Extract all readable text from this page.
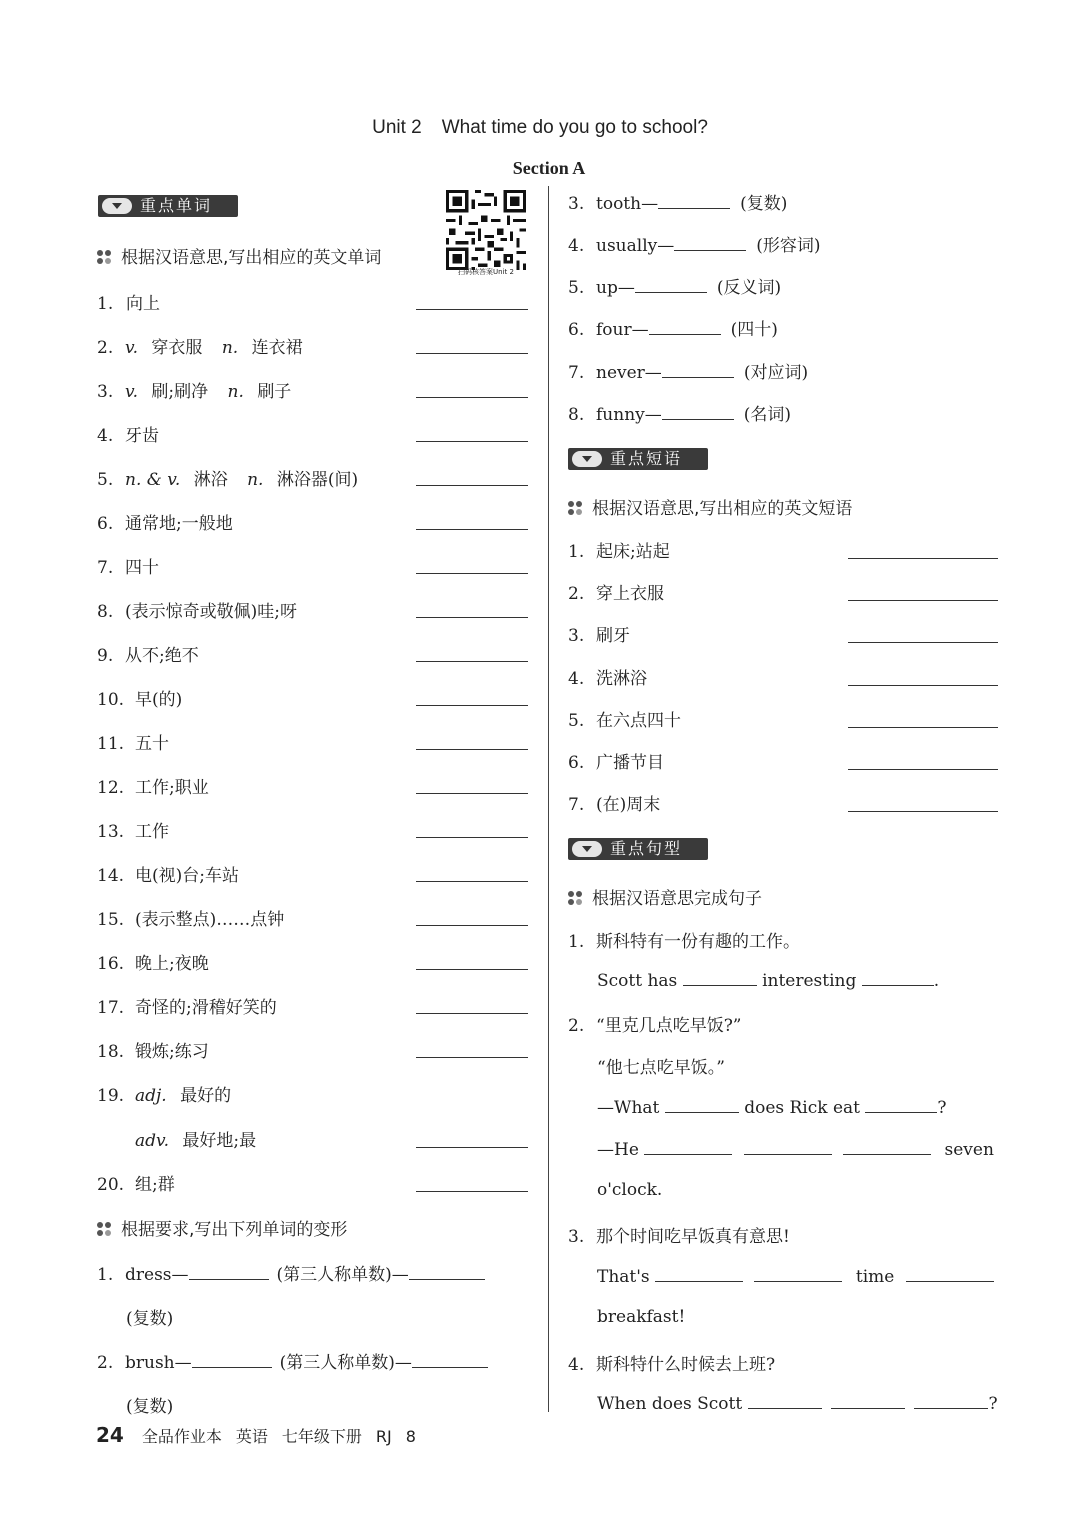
Unit 2 What time do you go to school?
Section A
扫码核答案Unit 2
重点单词
根据汉语意思,写出相应的英文单词
1. 向上
2. v. 穿衣服 n. 连衣裙
3. v. 刷;刷净 n. 刷子
4. 牙齿
5. n. & v. 淋浴 n. 淋浴器(间)
6. 通常地;一般地
7. 四十
8. (表示惊奇或敬佩)哇;呀
9. 从不;绝不
10. 早(的)
11. 五十
12. 工作;职业
13. 工作
14. 电(视)台;车站
15. (表示整点)……点钟
16. 晚上;夜晚
17. 奇怪的;滑稽好笑的
18. 锻炼;练习
19. adj. 最好的
adv. 最好地;最
20. 组;群
根据要求,写出下列单词的变形
1. dress—	(第三人称单数)—
(复数)
2. brush—	(第三人称单数)—
(复数)
3. tooth—	(复数)
4. usually—	(形容词)
5. up—	(反义词)
6. four—	(四十)
7. never—	(对应词)
8. funny—	(名词)
重点短语
根据汉语意思,写出相应的英文短语
1. 起床;站起
2. 穿上衣服
3. 刷牙
4. 洗淋浴
5. 在六点四十
6. 广播节目
7. (在)周末
重点句型
根据汉语意思完成句子
1. 斯科特有一份有趣的工作。
Scott has	interesting	.
2. “里克几点吃早饭?”
“他七点吃早饭。”
—What	does Rick eat	?
—He	seven
o'clock.
3. 那个时间吃早饭真有意思!
That's	time
breakfast!
4. 斯科特什么时候去上班?
When does Scott	?
24 全品作业本 英语 七年级下册 RJ 8
